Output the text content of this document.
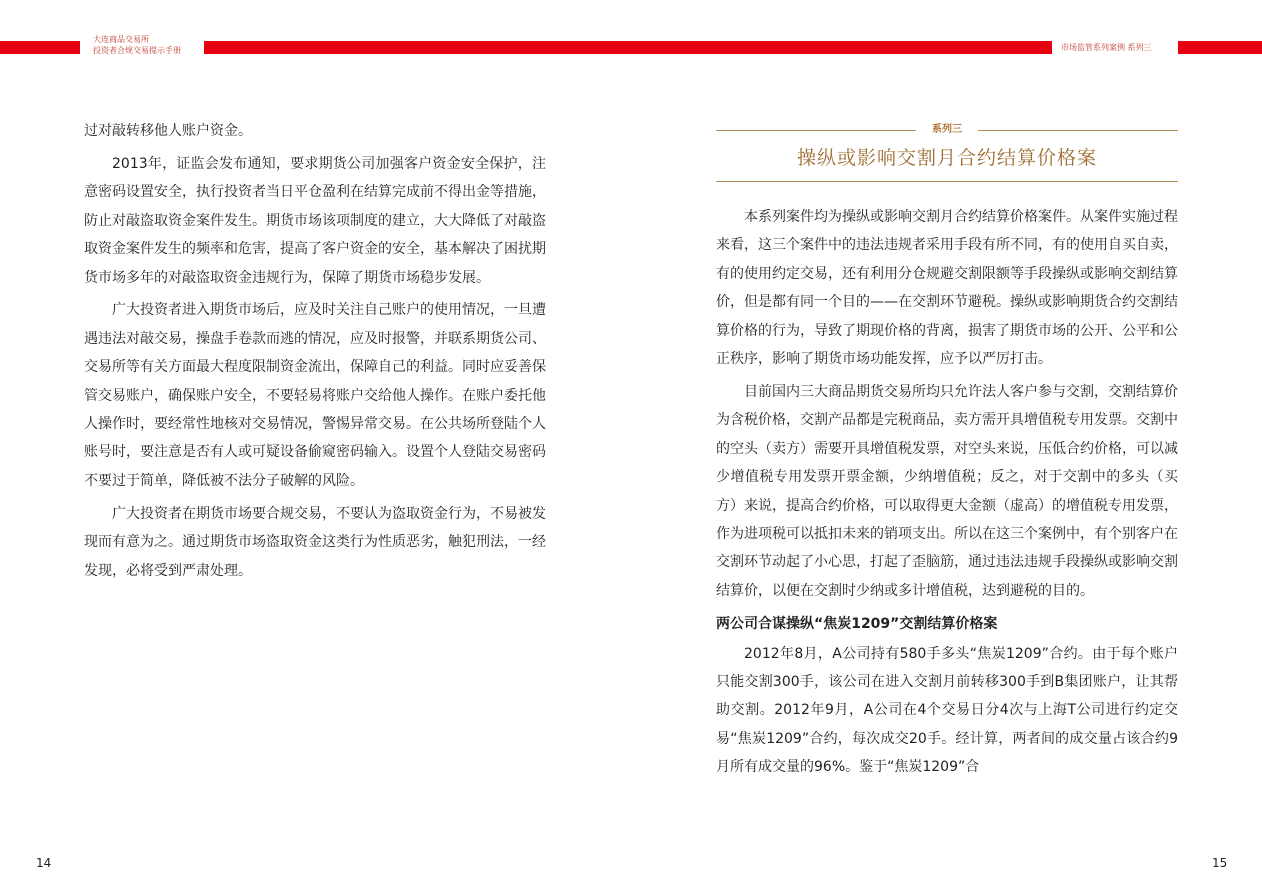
大连商品交易所
投资者合规交易提示手册	市场监管系列案例 系列三

过对敲转移他人账户资金。

2013年，证监会发布通知，要求期货公司加强客户资金安全保护，注意密码设置安全，执行投资者当日平仓盈利在结算完成前不得出金等措施，防止对敲盗取资金案件发生。期货市场该项制度的建立，大大降低了对敲盗取资金案件发生的频率和危害，提高了客户资金的安全，基本解决了困扰期货市场多年的对敲盗取资金违规行为，保障了期货市场稳步发展。

广大投资者进入期货市场后，应及时关注自己账户的使用情况，一旦遭遇违法对敲交易，操盘手卷款而逃的情况，应及时报警，并联系期货公司、交易所等有关方面最大程度限制资金流出，保障自己的利益。同时应妥善保管交易账户，确保账户安全，不要轻易将账户交给他人操作。在账户委托他人操作时，要经常性地核对交易情况，警惕异常交易。在公共场所登陆个人账号时，要注意是否有人或可疑设备偷窥密码输入。设置个人登陆交易密码不要过于简单，降低被不法分子破解的风险。

广大投资者在期货市场要合规交易，不要认为盗取资金行为，不易被发现而有意为之。通过期货市场盗取资金这类行为性质恶劣，触犯刑法，一经发现，必将受到严肃处理。

系列三
操纵或影响交割月合约结算价格案

本系列案件均为操纵或影响交割月合约结算价格案件。从案件实施过程来看，这三个案件中的违法违规者采用手段有所不同，有的使用自买自卖，有的使用约定交易，还有利用分仓规避交割限额等手段操纵或影响交割结算价，但是都有同一个目的——在交割环节避税。操纵或影响期货合约交割结算价格的行为，导致了期现价格的背离，损害了期货市场的公开、公平和公正秩序，影响了期货市场功能发挥，应予以严厉打击。

目前国内三大商品期货交易所均只允许法人客户参与交割，交割结算价为含税价格，交割产品都是完税商品，卖方需开具增值税专用发票。交割中的空头（卖方）需要开具增值税发票，对空头来说，压低合约价格，可以减少增值税专用发票开票金额，少纳增值税；反之，对于交割中的多头（买方）来说，提高合约价格，可以取得更大金额（虚高）的增值税专用发票，作为进项税可以抵扣未来的销项支出。所以在这三个案例中，有个别客户在交割环节动起了小心思，打起了歪脑筋，通过违法违规手段操纵或影响交割结算价，以便在交割时少纳或多计增值税，达到避税的目的。

两公司合谋操纵“焦炭1209”交割结算价格案

2012年8月，A公司持有580手多头“焦炭1209”合约。由于每个账户只能交割300手，该公司在进入交割月前转移300手到B集团账户，让其帮助交割。2012年9月，A公司在4个交易日分4次与上海T公司进行约定交易“焦炭1209”合约，每次成交20手。经计算，两者间的成交量占该合约9月所有成交量的96%。鉴于“焦炭1209”合

14	15
